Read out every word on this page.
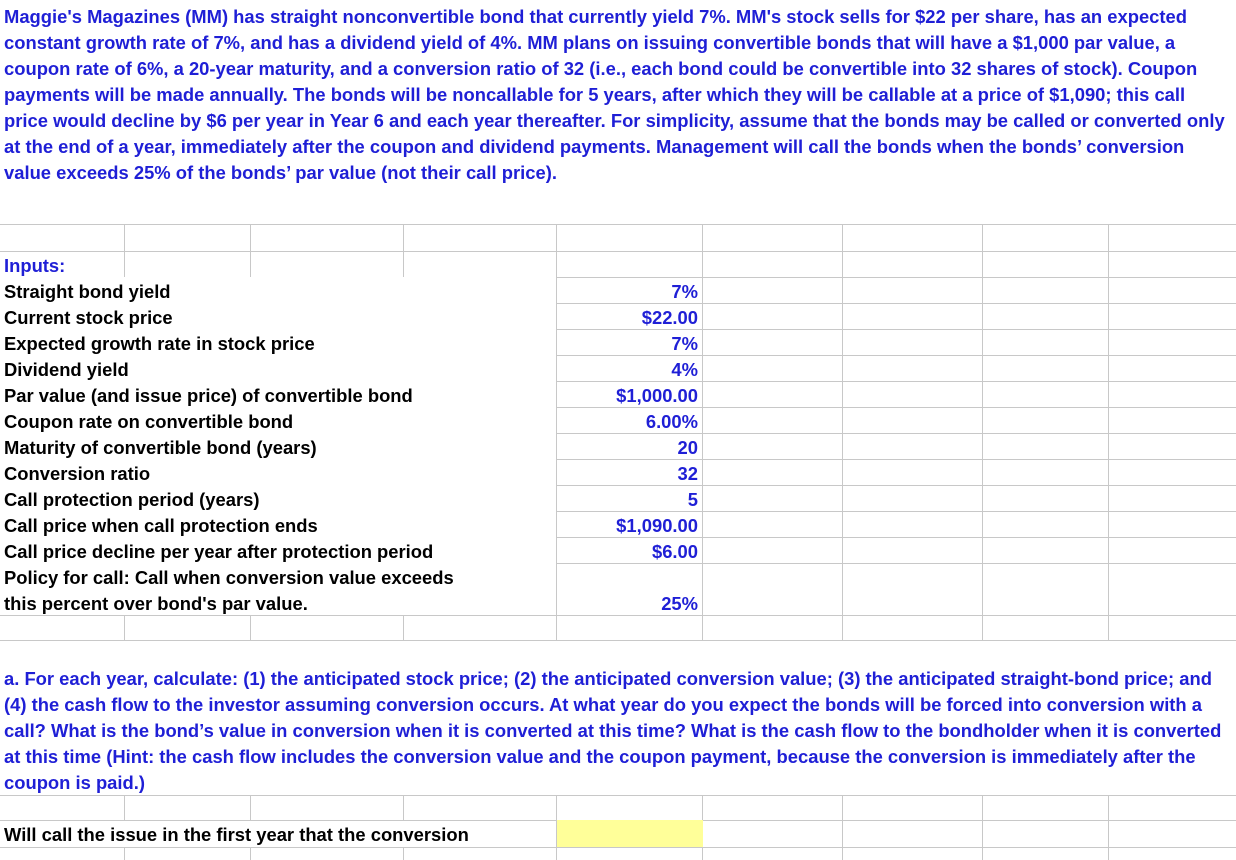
Maggie's Magazines (MM) has straight nonconvertible bond that currently yield 7%. MM's stock sells for $22 per share, has an expected constant growth rate of 7%, and has a dividend yield of 4%. MM plans on issuing convertible bonds that will have a $1,000 par value, a coupon rate of 6%, a 20-year maturity, and a conversion ratio of 32 (i.e., each bond could be convertible into 32 shares of stock). Coupon payments will be made annually. The bonds will be noncallable for 5 years, after which they will be callable at a price of $1,090; this call price would decline by $6 per year in Year 6 and each year thereafter. For simplicity, assume that the bonds may be called or converted only at the end of a year, immediately after the coupon and dividend payments. Management will call the bonds when the bonds’ conversion value exceeds 25% of the bonds’ par value (not their call price).

Inputs:
Straight bond yield	7%
Current stock price	$22.00
Expected growth rate in stock price	7%
Dividend yield	4%
Par value (and issue price) of convertible bond	$1,000.00
Coupon rate on convertible bond	6.00%
Maturity of convertible bond (years)	20
Conversion ratio	32
Call protection period (years)	5
Call price when call protection ends	$1,090.00
Call price decline per year after protection period	$6.00
Policy for call: Call when conversion value exceeds
this percent over bond's par value.	25%

a. For each year, calculate: (1) the anticipated stock price; (2) the anticipated conversion value; (3) the anticipated straight-bond price; and (4) the cash flow to the investor assuming conversion occurs. At what year do you expect the bonds will be forced into conversion with a call? What is the bond’s value in conversion when it is converted at this time? What is the cash flow to the bondholder when it is converted at this time (Hint: the cash flow includes the conversion value and the coupon payment, because the conversion is immediately after the coupon is paid.)

Will call the issue in the first year that the conversion
